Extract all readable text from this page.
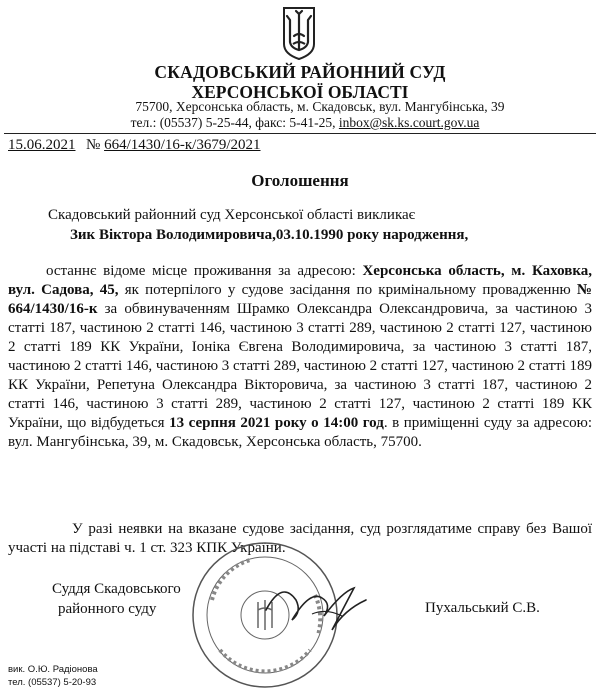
СКАДОВСЬКИЙ РАЙОННИЙ СУД
ХЕРСОНСЬКОЇ ОБЛАСТІ
75700, Херсонська область, м. Скадовськ, вул. Мангубінська, 39
тел.: (05537) 5-25-44, факс: 5-41-25, inbox@sk.ks.court.gov.ua
15.06.2021 № 664/1430/16-к/3679/2021
Оголошення
Скадовський районний суд Херсонської області викликає
Зик Віктора Володимировича,03.10.1990 року народження,
останнє відоме місце проживання за адресою: Херсонська область, м. Каховка, вул. Садова, 45, як потерпілого у судове засідання по кримінальному провадженню № 664/1430/16-к за обвинуваченням Шрамко Олександра Олександровича, за частиною 3 статті 187, частиною 2 статті 146, частиною 3 статті 289, частиною 2 статті 127, частиною 2 статті 189 КК України, Іоніка Євгена Володимировича, за частиною 3 статті 187, частиною 2 статті 146, частиною 3 статті 289, частиною 2 статті 127, частиною 2 статті 189 КК України, Репетуна Олександра Вікторовича, за частиною 3 статті 187, частиною 2 статті 146, частиною 3 статті 289, частиною 2 статті 127, частиною 2 статті 189 КК України, що відбудеться 13 серпня 2021 року о 14:00 год. в приміщенні суду за адресою: вул. Мангубінська, 39, м. Скадовськ, Херсонська область, 75700.
У разі неявки на вказане судове засідання, суд розглядатиме справу без Вашої участі на підставі ч. 1 ст. 323 КПК України.
Суддя Скадовського
районного суду	Пухальський С.В.
вик. О.Ю. Радіонова
тел. (05537) 5-20-93
